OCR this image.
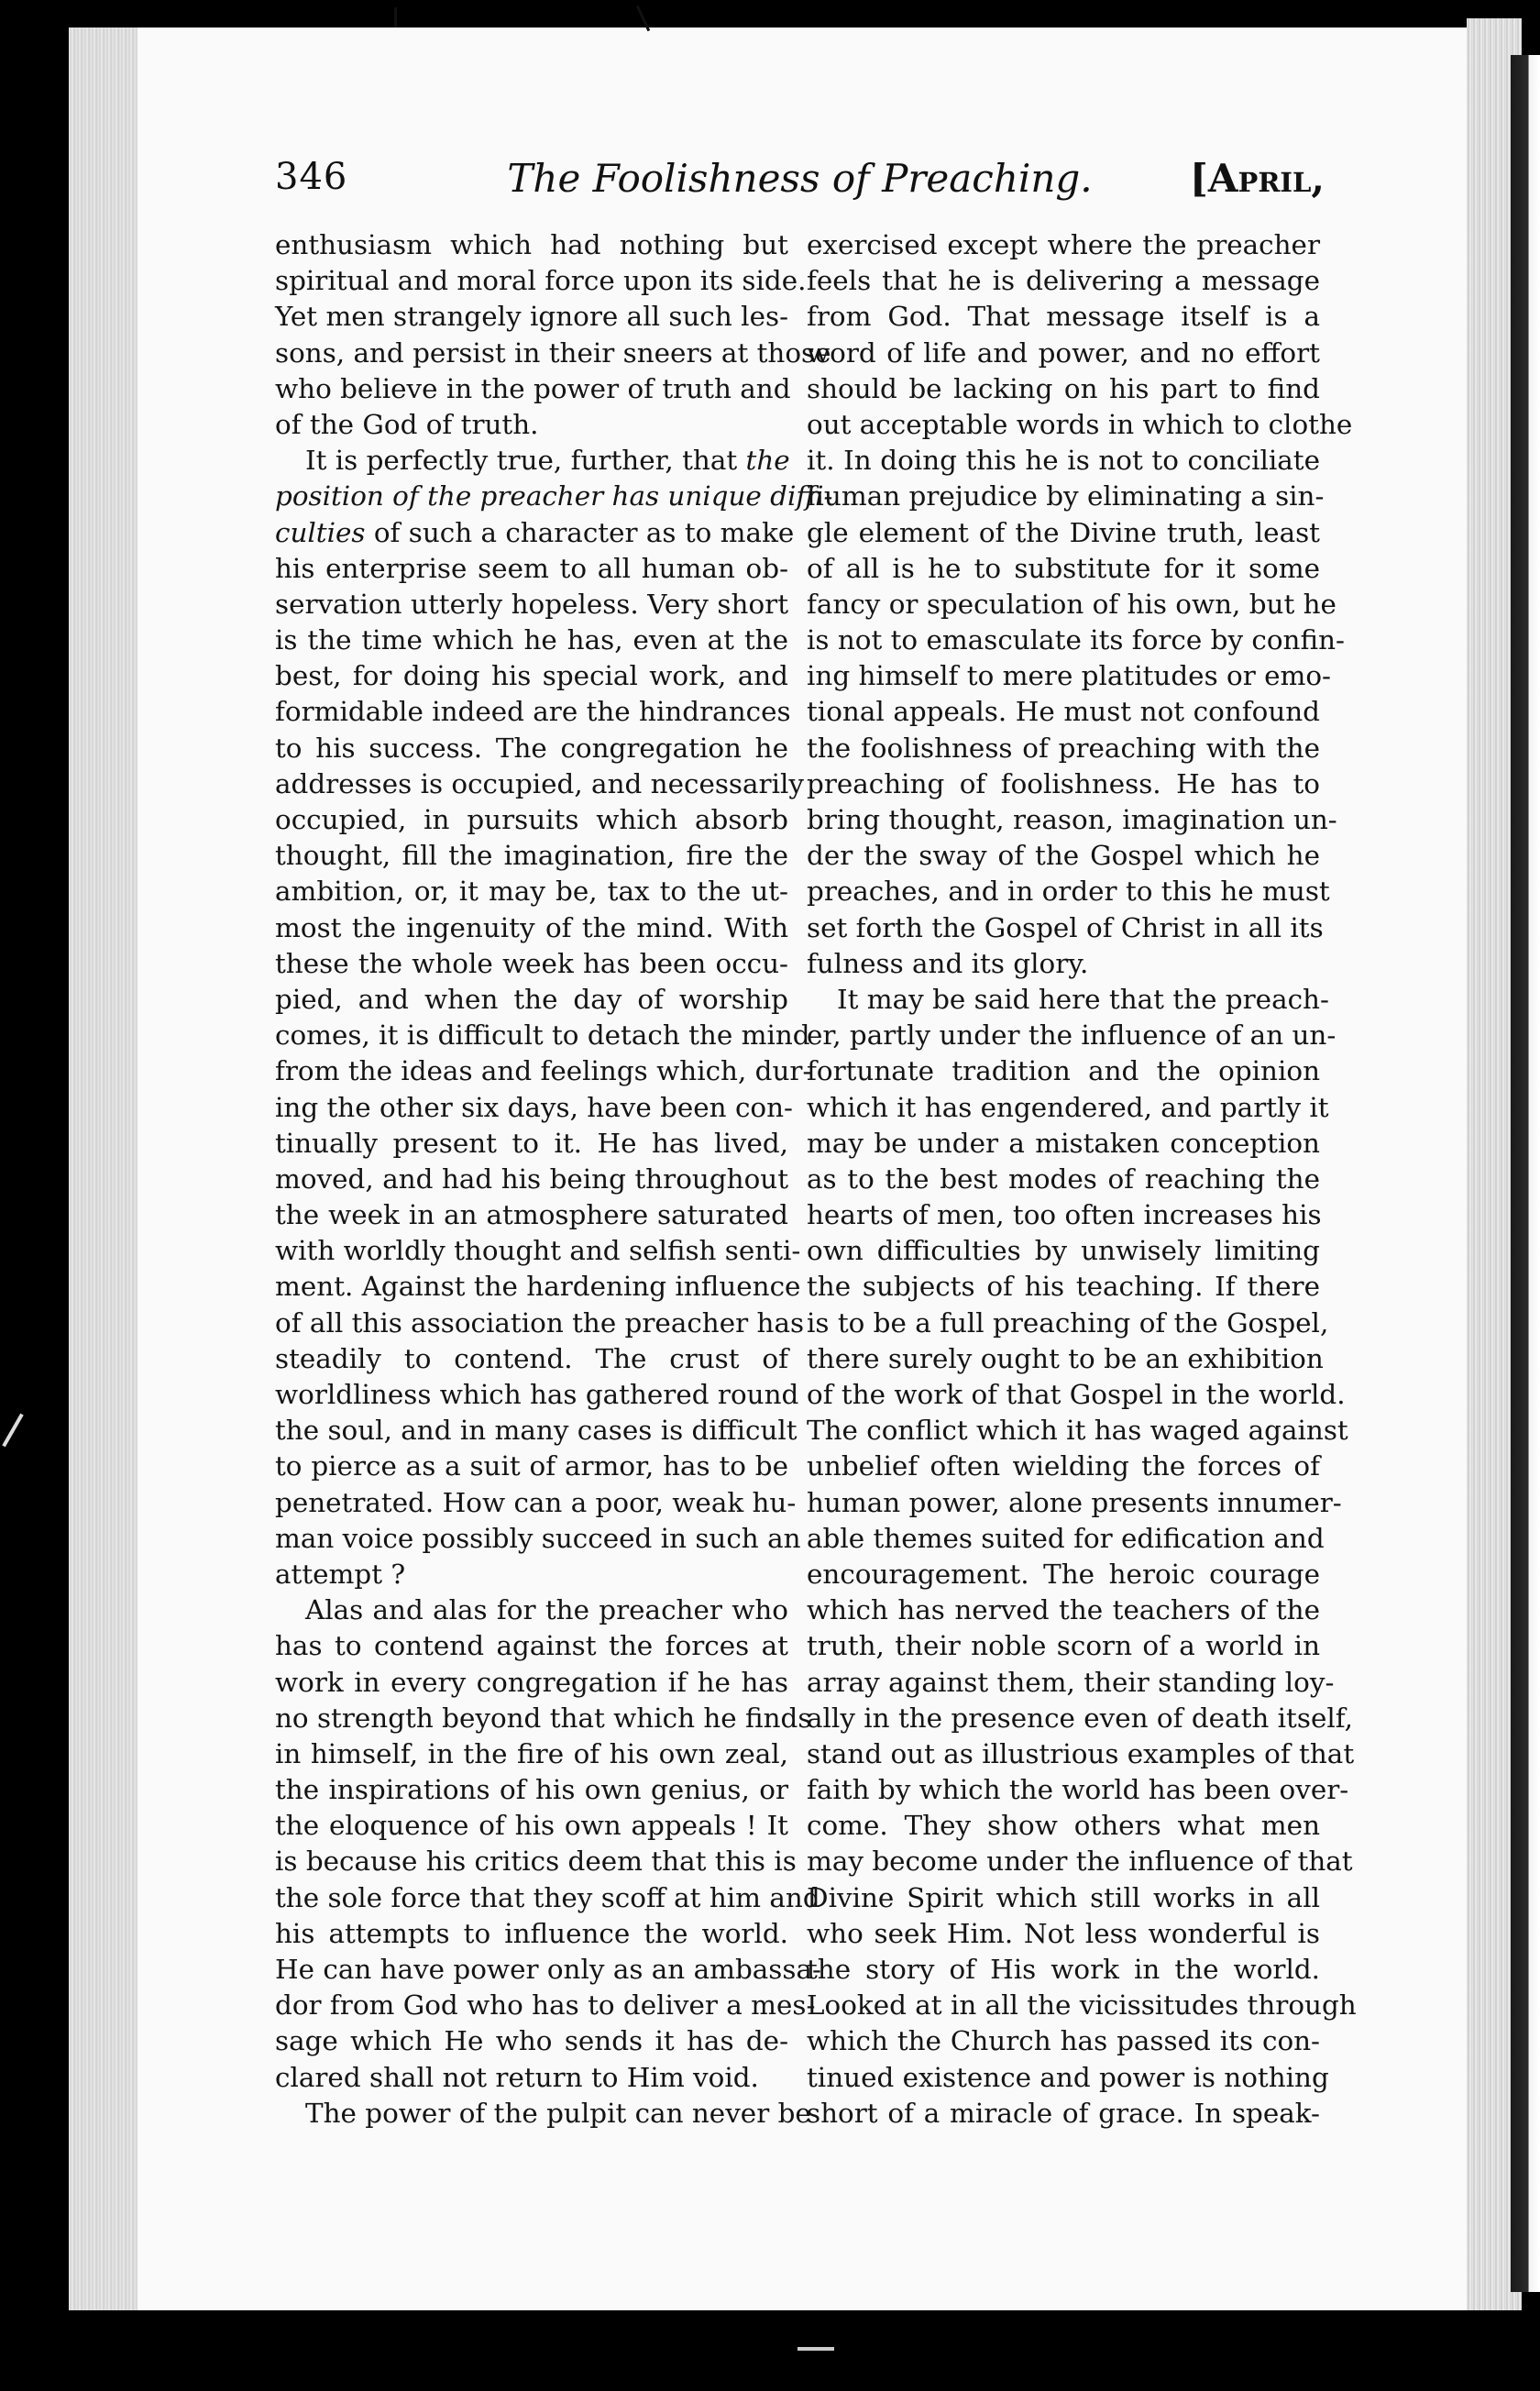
346	The Foolishness of Preaching.	[April,
enthusiasm which had nothing but
spiritual and moral force upon its side.
Yet men strangely ignore all such les-
sons, and persist in their sneers at those
who believe in the power of truth and
of the God of truth.
It is perfectly true, further, that the
position of the preacher has unique diffi-
culties of such a character as to make
his enterprise seem to all human ob-
servation utterly hopeless. Very short
is the time which he has, even at the
best, for doing his special work, and
formidable indeed are the hindrances
to his success. The congregation he
addresses is occupied, and necessarily
occupied, in pursuits which absorb
thought, fill the imagination, fire the
ambition, or, it may be, tax to the ut-
most the ingenuity of the mind. With
these the whole week has been occu-
pied, and when the day of worship
comes, it is difficult to detach the mind
from the ideas and feelings which, dur-
ing the other six days, have been con-
tinually present to it. He has lived,
moved, and had his being throughout
the week in an atmosphere saturated
with worldly thought and selfish senti-
ment. Against the hardening influence
of all this association the preacher has
steadily to contend. The crust of
worldliness which has gathered round
the soul, and in many cases is difficult
to pierce as a suit of armor, has to be
penetrated. How can a poor, weak hu-
man voice possibly succeed in such an
attempt ?
Alas and alas for the preacher who
has to contend against the forces at
work in every congregation if he has
no strength beyond that which he finds
in himself, in the fire of his own zeal,
the inspirations of his own genius, or
the eloquence of his own appeals ! It
is because his critics deem that this is
the sole force that they scoff at him and
his attempts to influence the world.
He can have power only as an ambassa-
dor from God who has to deliver a mes-
sage which He who sends it has de-
clared shall not return to Him void.
The power of the pulpit can never be
exercised except where the preacher
feels that he is delivering a message
from God. That message itself is a
word of life and power, and no effort
should be lacking on his part to find
out acceptable words in which to clothe
it. In doing this he is not to conciliate
human prejudice by eliminating a sin-
gle element of the Divine truth, least
of all is he to substitute for it some
fancy or speculation of his own, but he
is not to emasculate its force by confin-
ing himself to mere platitudes or emo-
tional appeals. He must not confound
the foolishness of preaching with the
preaching of foolishness. He has to
bring thought, reason, imagination un-
der the sway of the Gospel which he
preaches, and in order to this he must
set forth the Gospel of Christ in all its
fulness and its glory.
It may be said here that the preach-
er, partly under the influence of an un-
fortunate tradition and the opinion
which it has engendered, and partly it
may be under a mistaken conception
as to the best modes of reaching the
hearts of men, too often increases his
own difficulties by unwisely limiting
the subjects of his teaching. If there
is to be a full preaching of the Gospel,
there surely ought to be an exhibition
of the work of that Gospel in the world.
The conflict which it has waged against
unbelief often wielding the forces of
human power, alone presents innumer-
able themes suited for edification and
encouragement. The heroic courage
which has nerved the teachers of the
truth, their noble scorn of a world in
array against them, their standing loy-
ally in the presence even of death itself,
stand out as illustrious examples of that
faith by which the world has been over-
come. They show others what men
may become under the influence of that
Divine Spirit which still works in all
who seek Him. Not less wonderful is
the story of His work in the world.
Looked at in all the vicissitudes through
which the Church has passed its con-
tinued existence and power is nothing
short of a miracle of grace. In speak-
